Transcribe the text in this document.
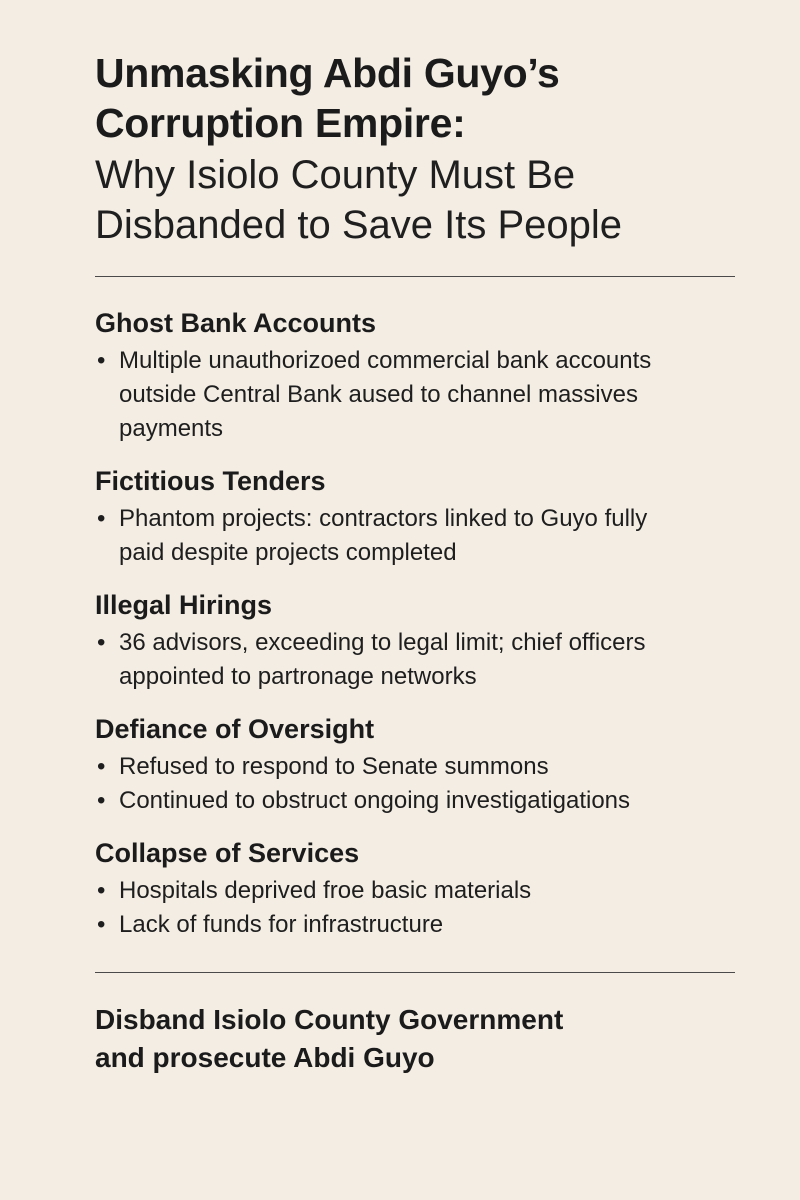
Unmasking Abdi Guyo’s
Corruption Empire:
Why Isiolo County Must Be
Disbanded to Save Its People
Ghost Bank Accounts
• Multiple unauthorizoed commercial bank accounts outside Central Bank aused to channel massives payments
Fictitious Tenders
• Phantom projects: contractors linked to Guyo fully paid despite projects completed
Illegal Hirings
• 36 advisors, exceeding to legal limit; chief officers appointed to partronage networks
Defiance of Oversight
• Refused to respond to Senate summons
• Continued to obstruct ongoing investigatigations
Collapse of Services
• Hospitals deprived froe basic materials
• Lack of funds for infrastructure
Disband Isiolo County Government
and prosecute Abdi Guyo
